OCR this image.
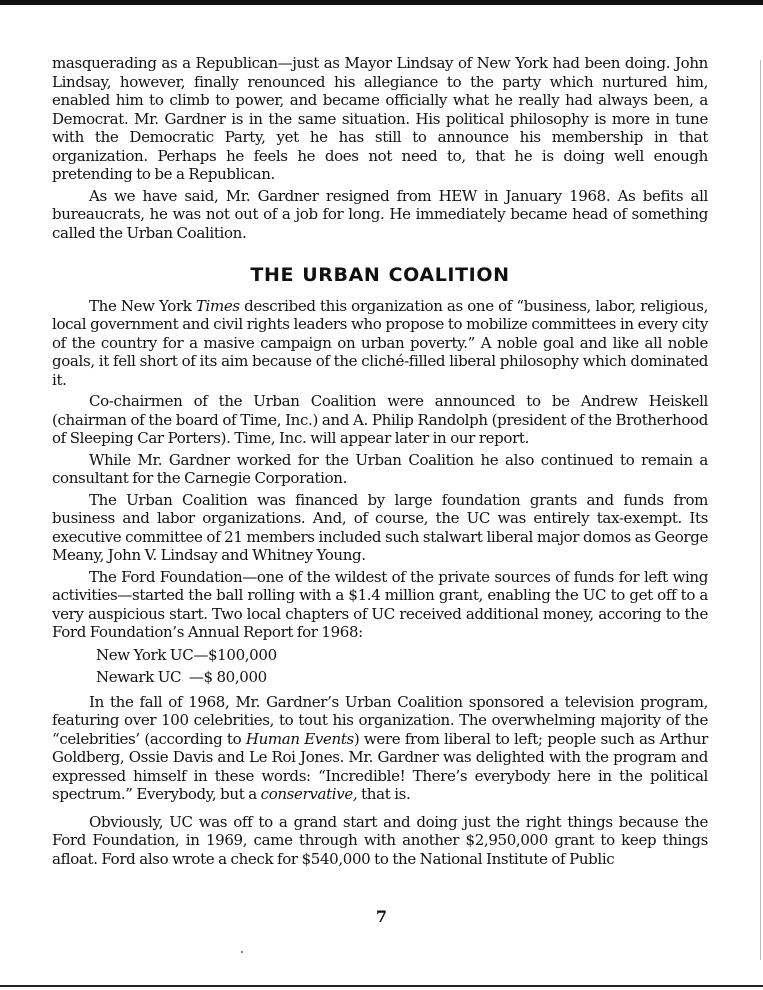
masquerading as a Republican—just as Mayor Lindsay of New York had been doing. John Lindsay, however, finally renounced his allegiance to the party which nurtured him, enabled him to climb to power, and became officially what he really had always been, a Democrat. Mr. Gardner is in the same situation. His political philosophy is more in tune with the Democratic Party, yet he has still to announce his membership in that organization. Perhaps he feels he does not need to, that he is doing well enough pretending to be a Republican.

As we have said, Mr. Gardner resigned from HEW in January 1968. As befits all bureaucrats, he was not out of a job for long. He immediately became head of something called the Urban Coalition.

THE URBAN COALITION

The New York Times described this organization as one of “business, labor, religious, local government and civil rights leaders who propose to mobilize committees in every city of the country for a masive campaign on urban poverty.” A noble goal and like all noble goals, it fell short of its aim because of the cliché-filled liberal philosophy which dominated it.

Co-chairmen of the Urban Coalition were announced to be Andrew Heiskell (chairman of the board of Time, Inc.) and A. Philip Randolph (president of the Brotherhood of Sleeping Car Porters). Time, Inc. will appear later in our report.

While Mr. Gardner worked for the Urban Coalition he also continued to remain a consultant for the Carnegie Corporation.

The Urban Coalition was financed by large foundation grants and funds from business and labor organizations. And, of course, the UC was entirely tax-exempt. Its executive committee of 21 members included such stalwart liberal major domos as George Meany, John V. Lindsay and Whitney Young.

The Ford Foundation—one of the wildest of the private sources of funds for left wing activities—started the ball rolling with a $1.4 million grant, enabling the UC to get off to a very auspicious start. Two local chapters of UC received additional money, accoring to the Ford Foundation’s Annual Report for 1968:

New York UC—$100,000
Newark UC  —$ 80,000

In the fall of 1968, Mr. Gardner’s Urban Coalition sponsored a television program, featuring over 100 celebrities, to tout his organization. The overwhelming majority of the “celebrities’ (according to Human Events) were from liberal to left; people such as Arthur Goldberg, Ossie Davis and Le Roi Jones. Mr. Gardner was delighted with the program and expressed himself in these words: “Incredible! There’s everybody here in the political spectrum.” Everybody, but a conservative, that is.

Obviously, UC was off to a grand start and doing just the right things because the Ford Foundation, in 1969, came through with another $2,950,000 grant to keep things afloat. Ford also wrote a check for $540,000 to the National Institute of Public

7
